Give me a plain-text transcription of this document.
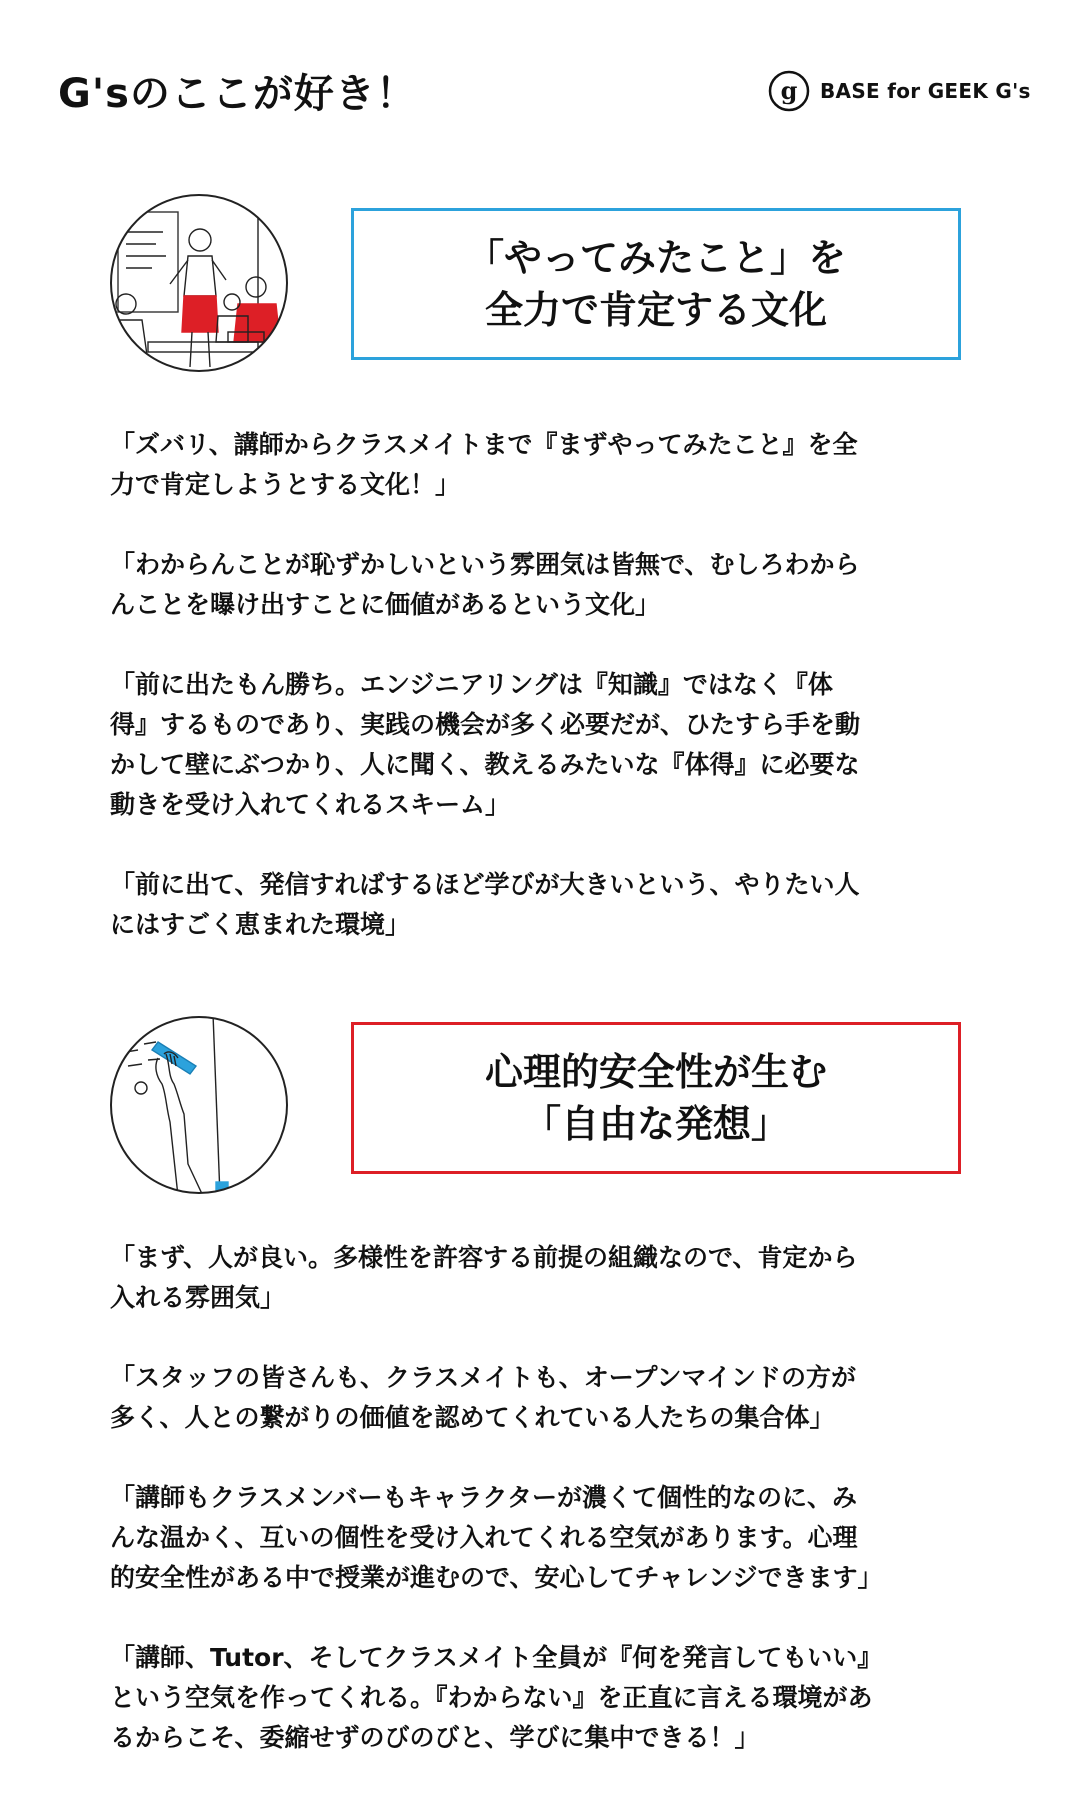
G'sのここが好き！	g BASE for GEEK G's
「やってみたこと」を
全力で肯定する文化
「ズバリ、講師からクラスメイトまで『まずやってみたこと』を全
力で肯定しようとする文化！」
「わからんことが恥ずかしいという雰囲気は皆無で、むしろわから
んことを曝け出すことに価値があるという文化」
「前に出たもん勝ち。エンジニアリングは『知識』ではなく『体
得』するものであり、実践の機会が多く必要だが、ひたすら手を動
かして壁にぶつかり、人に聞く、教えるみたいな『体得』に必要な
動きを受け入れてくれるスキーム」
「前に出て、発信すればするほど学びが大きいという、やりたい人
にはすごく恵まれた環境」
心理的安全性が生む
「自由な発想」
「まず、人が良い。多様性を許容する前提の組織なので、肯定から
入れる雰囲気」
「スタッフの皆さんも、クラスメイトも、オープンマインドの方が
多く、人との繋がりの価値を認めてくれている人たちの集合体」
「講師もクラスメンバーもキャラクターが濃くて個性的なのに、み
んな温かく、互いの個性を受け入れてくれる空気があります。心理
的安全性がある中で授業が進むので、安心してチャレンジできます」
「講師、Tutor、そしてクラスメイト全員が『何を発言してもいい』
という空気を作ってくれる。『わからない』を正直に言える環境があ
るからこそ、委縮せずのびのびと、学びに集中できる！」
